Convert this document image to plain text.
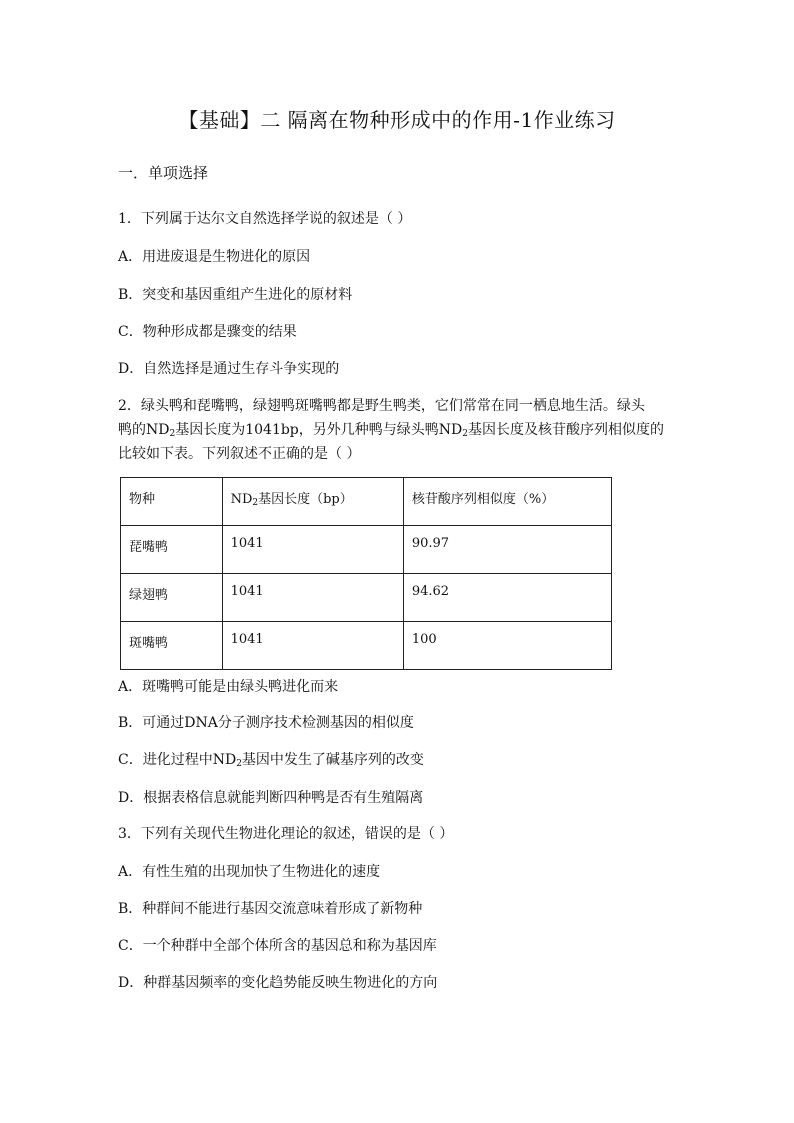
【基础】二 隔离在物种形成中的作用-1作业练习
一．单项选择
1．下列属于达尔文自然选择学说的叙述是（ ）
A．用进废退是生物进化的原因
B．突变和基因重组产生进化的原材料
C．物种形成都是骤变的结果
D．自然选择是通过生存斗争实现的
2．绿头鸭和琵嘴鸭，绿翅鸭斑嘴鸭都是野生鸭类，它们常常在同一栖息地生活。绿头
鸭的$ND_2$基因长度为1041bp，另外几种鸭与绿头鸭$ND_2$基因长度及核苷酸序列相似度的
比较如下表。下列叙述不正确的是（ ）
物种	$ND_2$基因长度（bp）	核苷酸序列相似度（%）
琵嘴鸭	1041	90.97
绿翅鸭	1041	94.62
斑嘴鸭	1041	100
A．斑嘴鸭可能是由绿头鸭进化而来
B．可通过DNA分子测序技术检测基因的相似度
C．进化过程中$ND_2$基因中发生了碱基序列的改变
D．根据表格信息就能判断四种鸭是否有生殖隔离
3．下列有关现代生物进化理论的叙述，错误的是（ ）
A．有性生殖的出现加快了生物进化的速度
B．种群间不能进行基因交流意味着形成了新物种
C．一个种群中全部个体所含的基因总和称为基因库
D．种群基因频率的变化趋势能反映生物进化的方向
